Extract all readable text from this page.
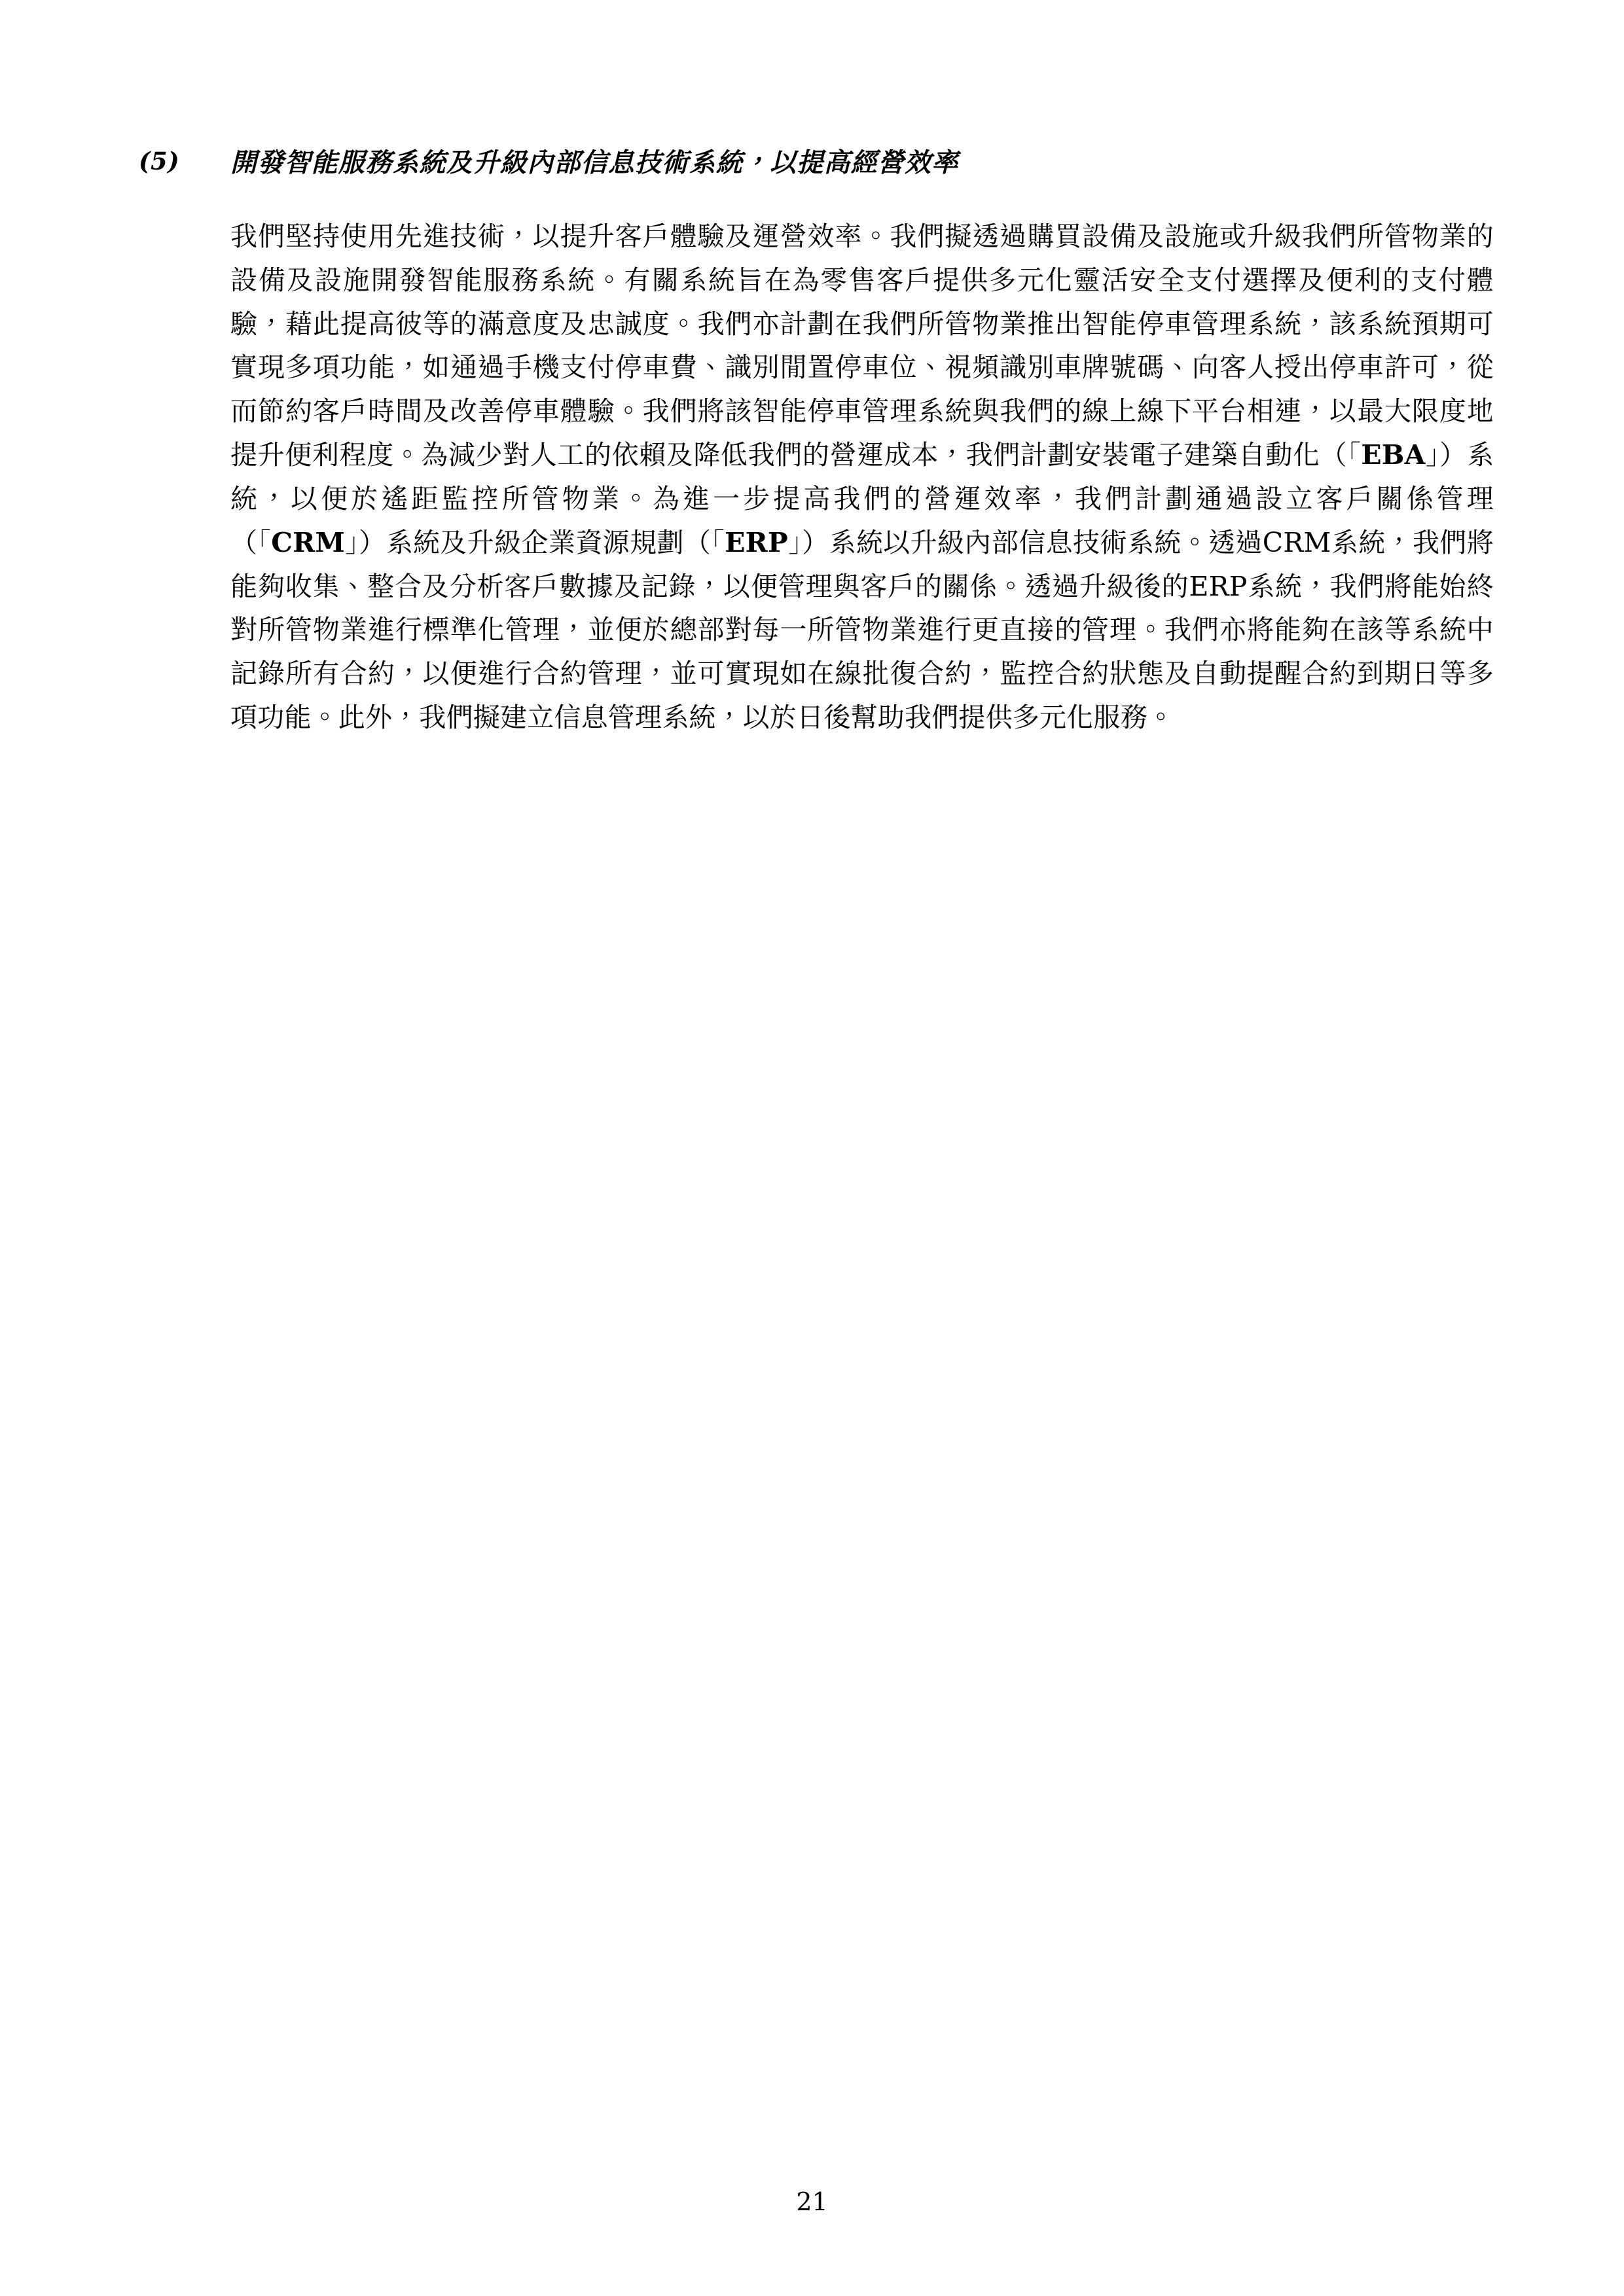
(5)	開發智能服務系統及升級內部信息技術系統，以提高經營效率

我們堅持使用先進技術，以提升客戶體驗及運營效率。我們擬透過購買設備及設施或升級我們所管物業的設備及設施開發智能服務系統。有關系統旨在為零售客戶提供多元化靈活安全支付選擇及便利的支付體驗，藉此提高彼等的滿意度及忠誠度。我們亦計劃在我們所管物業推出智能停車管理系統，該系統預期可實現多項功能，如通過手機支付停車費、識別閒置停車位、視頻識別車牌號碼、向客人授出停車許可，從而節約客戶時間及改善停車體驗。我們將該智能停車管理系統與我們的線上線下平台相連，以最大限度地提升便利程度。為減少對人工的依賴及降低我們的營運成本，我們計劃安裝電子建築自動化（「EBA」）系統，以便於遙距監控所管物業。為進一步提高我們的營運效率，我們計劃通過設立客戶關係管理（「CRM」）系統及升級企業資源規劃（「ERP」）系統以升級內部信息技術系統。透過CRM系統，我們將能夠收集、整合及分析客戶數據及記錄，以便管理與客戶的關係。透過升級後的ERP系統，我們將能始終對所管物業進行標準化管理，並便於總部對每一所管物業進行更直接的管理。我們亦將能夠在該等系統中記錄所有合約，以便進行合約管理，並可實現如在線批復合約，監控合約狀態及自動提醒合約到期日等多項功能。此外，我們擬建立信息管理系統，以於日後幫助我們提供多元化服務。

21
